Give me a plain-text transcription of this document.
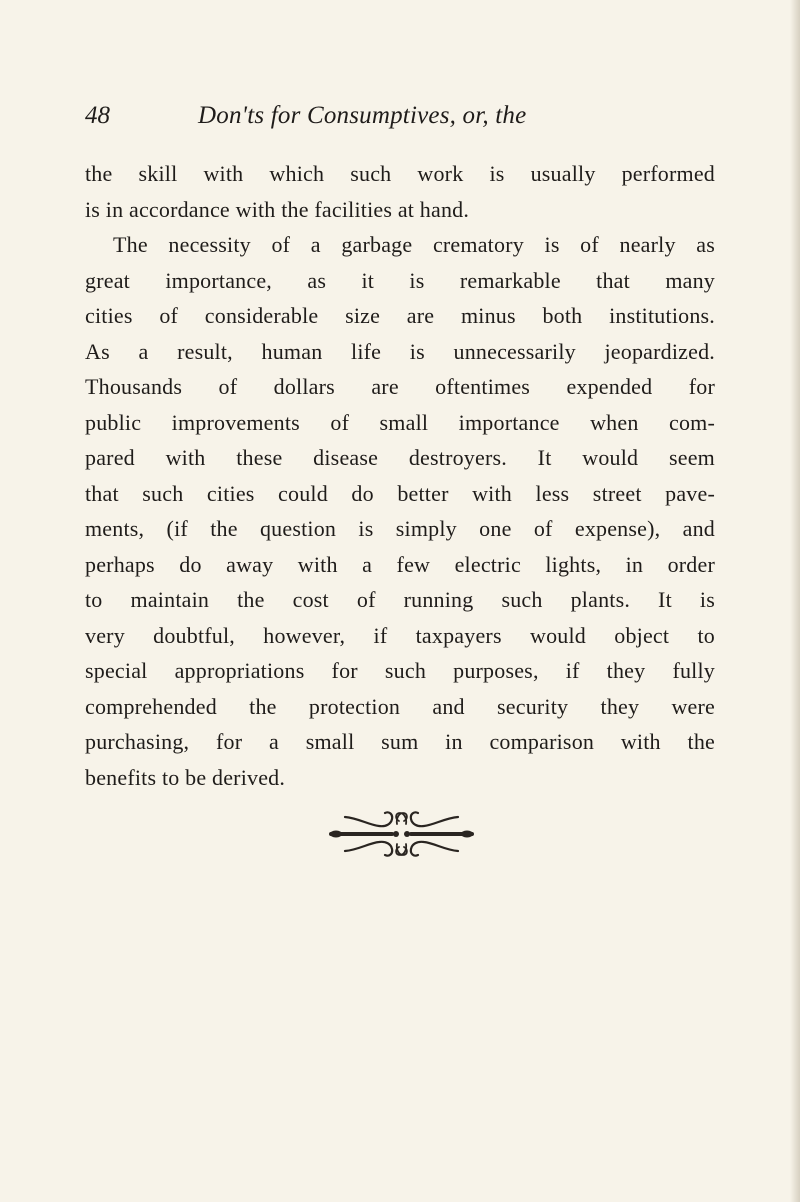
48	Don'ts for Consumptives, or, the
the skill with which such work is usually performed
is in accordance with the facilities at hand.
The necessity of a garbage crematory is of nearly as
great importance, as it is remarkable that many
cities of considerable size are minus both institutions.
As a result, human life is unnecessarily jeopardized.
Thousands of dollars are oftentimes expended for
public improvements of small importance when com-
pared with these disease destroyers. It would seem
that such cities could do better with less street pave-
ments, (if the question is simply one of expense), and
perhaps do away with a few electric lights, in order
to maintain the cost of running such plants. It is
very doubtful, however, if taxpayers would object to
special appropriations for such purposes, if they fully
comprehended the protection and security they were
purchasing, for a small sum in comparison with the
benefits to be derived.
